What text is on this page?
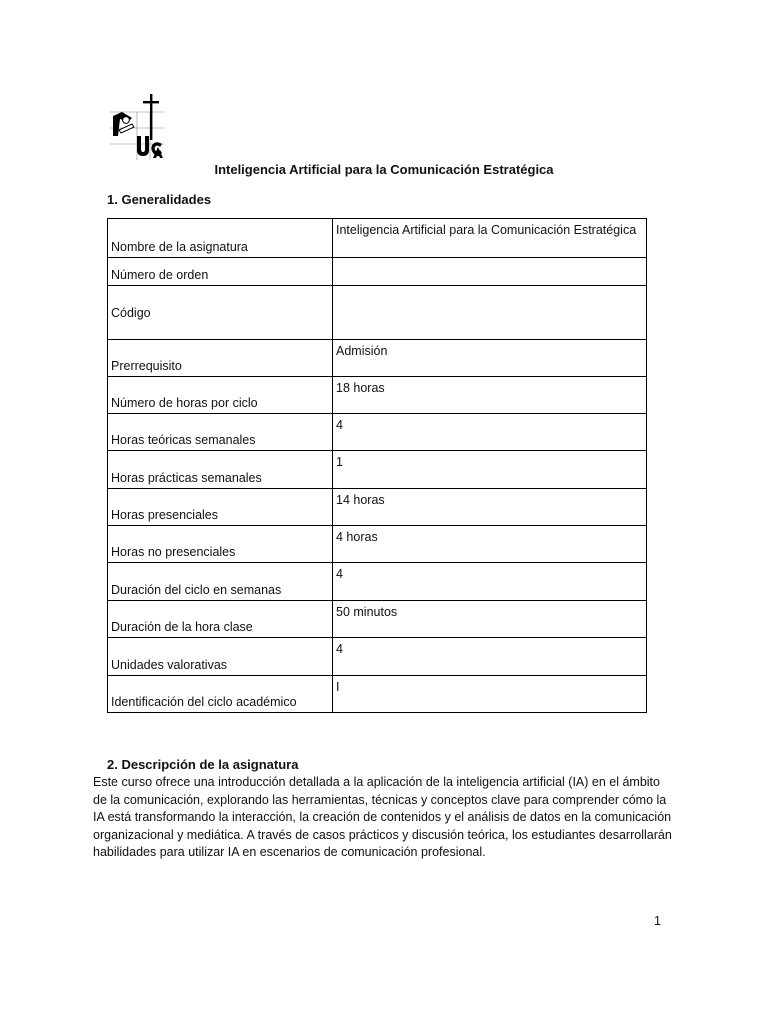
Inteligencia Artificial para la Comunicación Estratégica
1. Generalidades
Nombre de la asignatura	Inteligencia Artificial para la Comunicación Estratégica
Número de orden	
Código	
Prerrequisito	Admisión
Número de horas por ciclo	18 horas
Horas teóricas semanales	4
Horas prácticas semanales	1
Horas presenciales	14 horas
Horas no presenciales	4 horas
Duración del ciclo en semanas	4
Duración de la hora clase	50 minutos
Unidades valorativas	4
Identificación del ciclo académico	I
2. Descripción de la asignatura
Este curso ofrece una introducción detallada a la aplicación de la inteligencia artificial (IA) en el ámbito de la comunicación, explorando las herramientas, técnicas y conceptos clave para comprender cómo la IA está transformando la interacción, la creación de contenidos y el análisis de datos en la comunicación organizacional y mediática. A través de casos prácticos y discusión teórica, los estudiantes desarrollarán habilidades para utilizar IA en escenarios de comunicación profesional.
1
